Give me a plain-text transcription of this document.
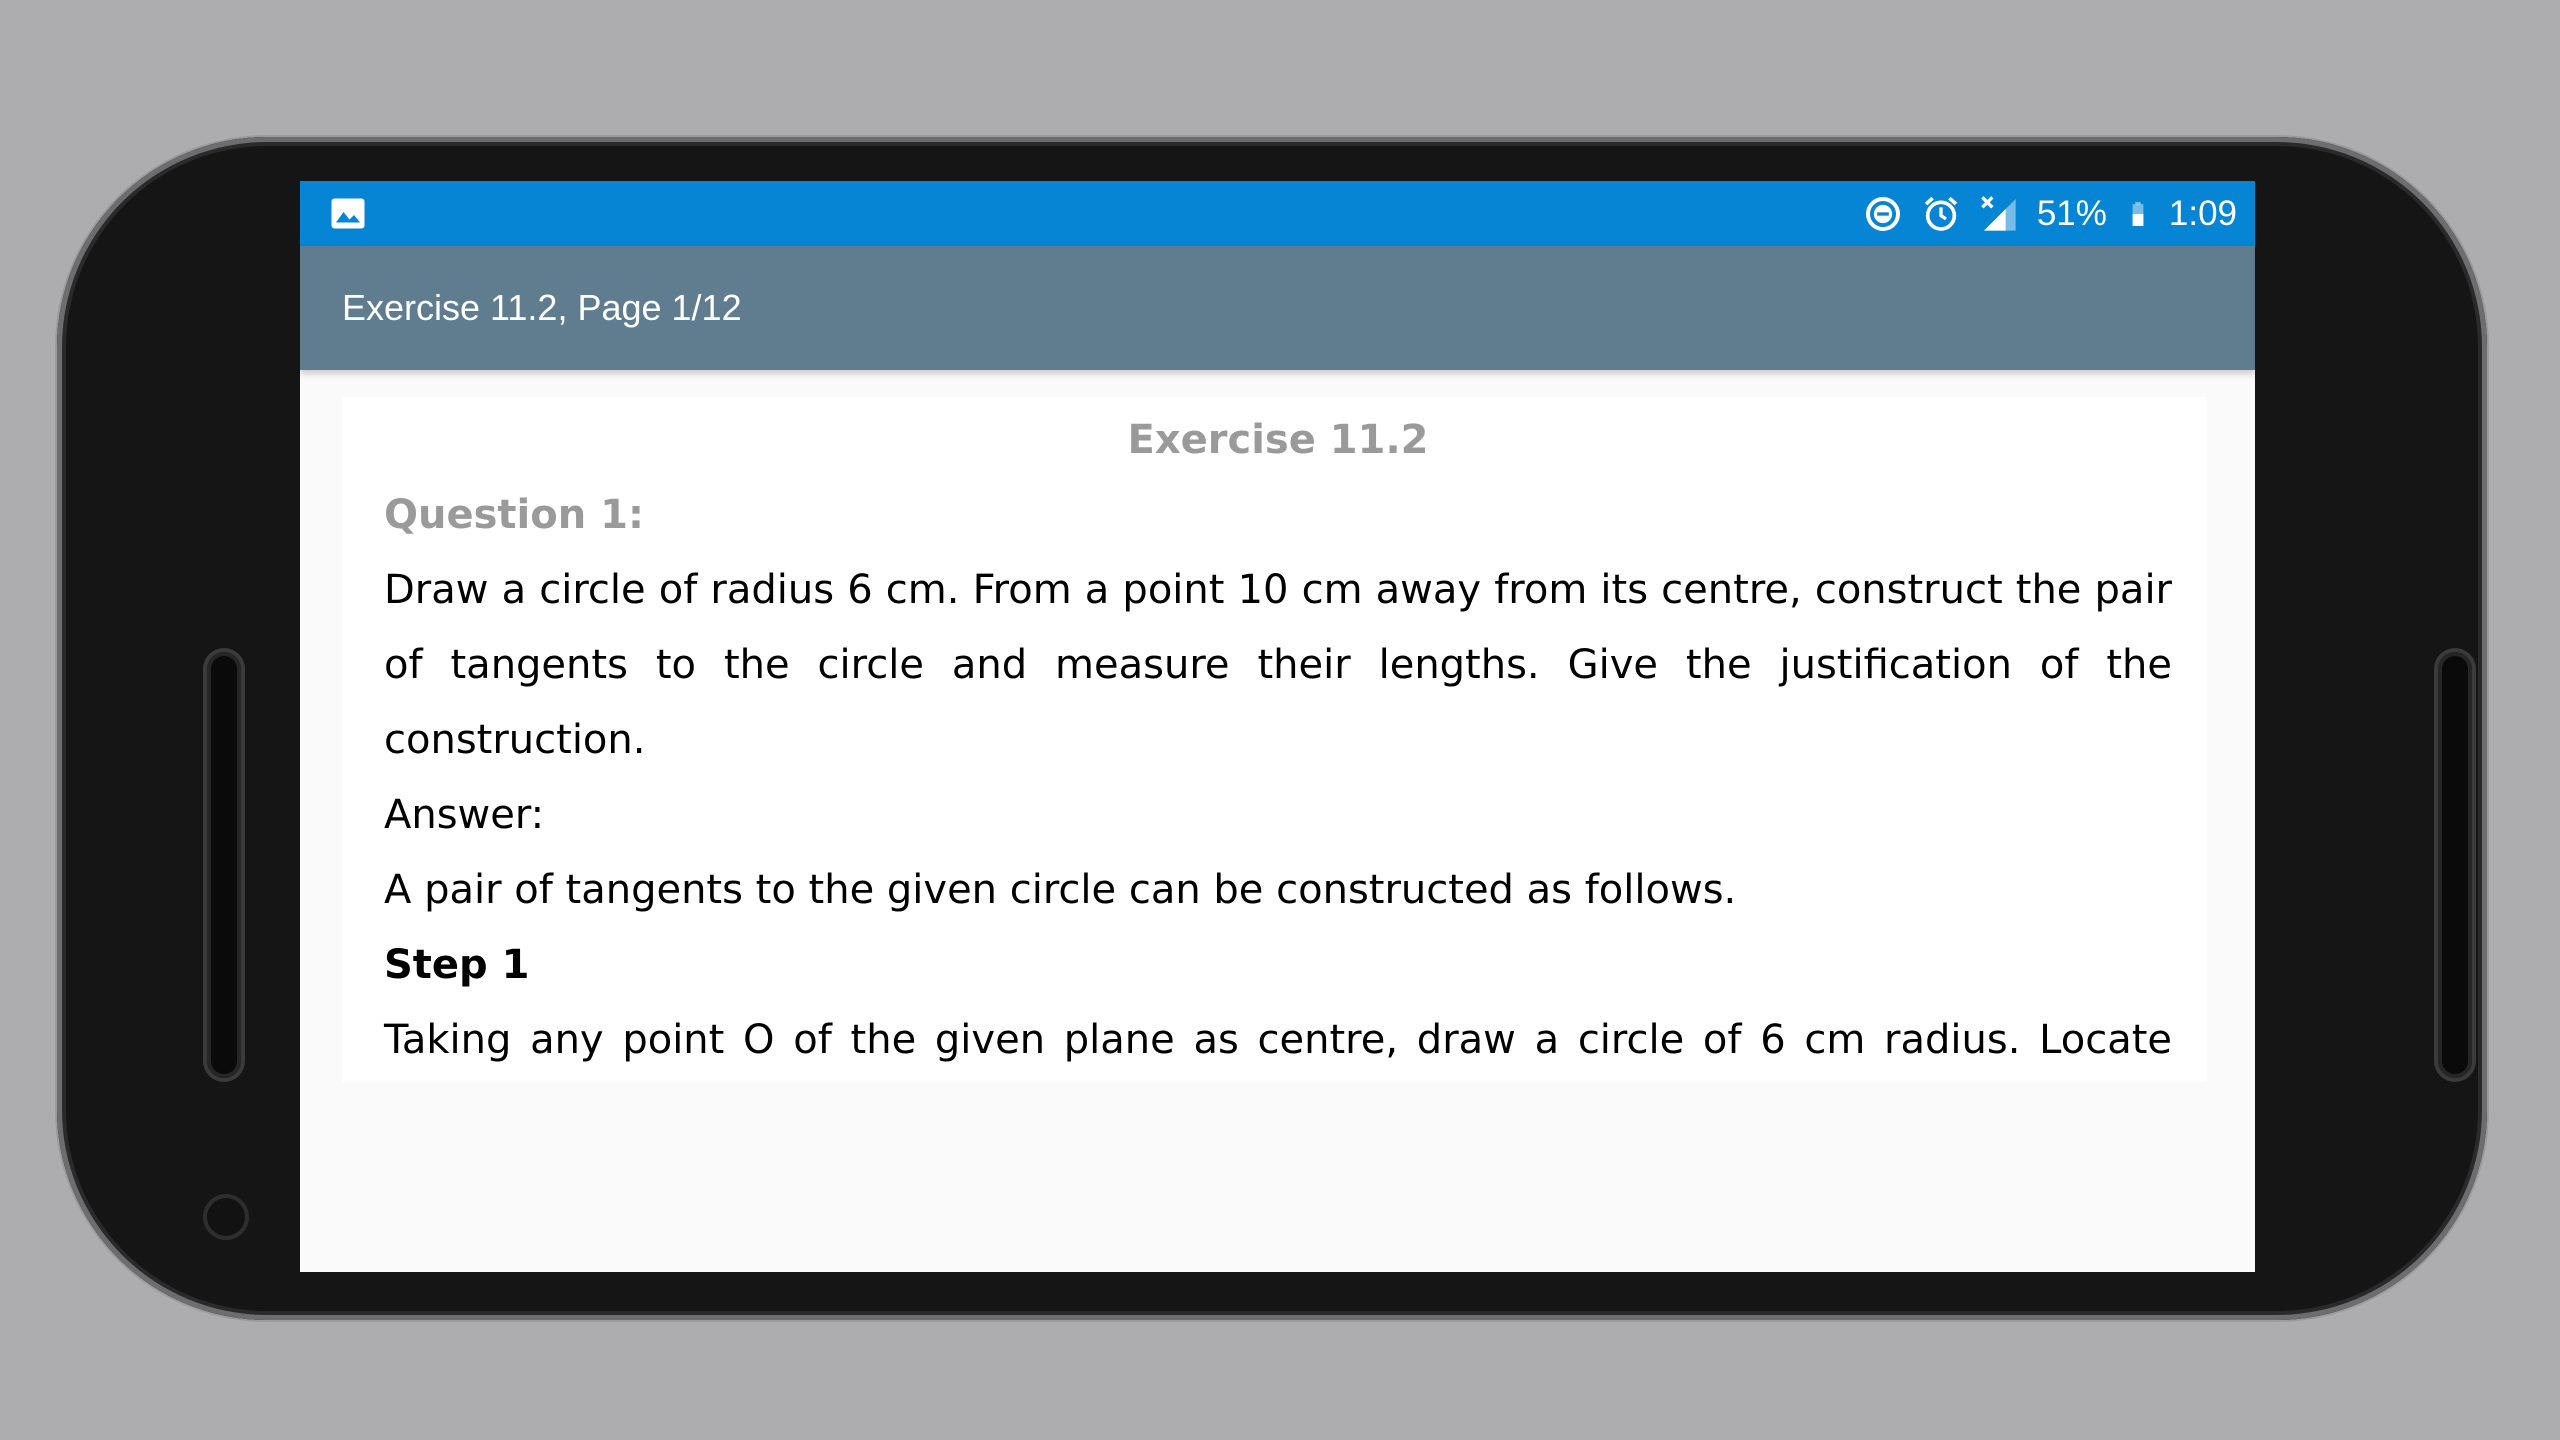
51% 1:09
Exercise 11.2, Page 1/12
Exercise 11.2
Question 1:

Draw a circle of radius 6 cm. From a point 10 cm away from its centre, construct the pair of tangents to the circle and measure their lengths. Give the justification of the construction.

Answer:

A pair of tangents to the given circle can be constructed as follows.

Step 1

Taking any point O of the given plane as centre, draw a circle of 6 cm radius. Locate
